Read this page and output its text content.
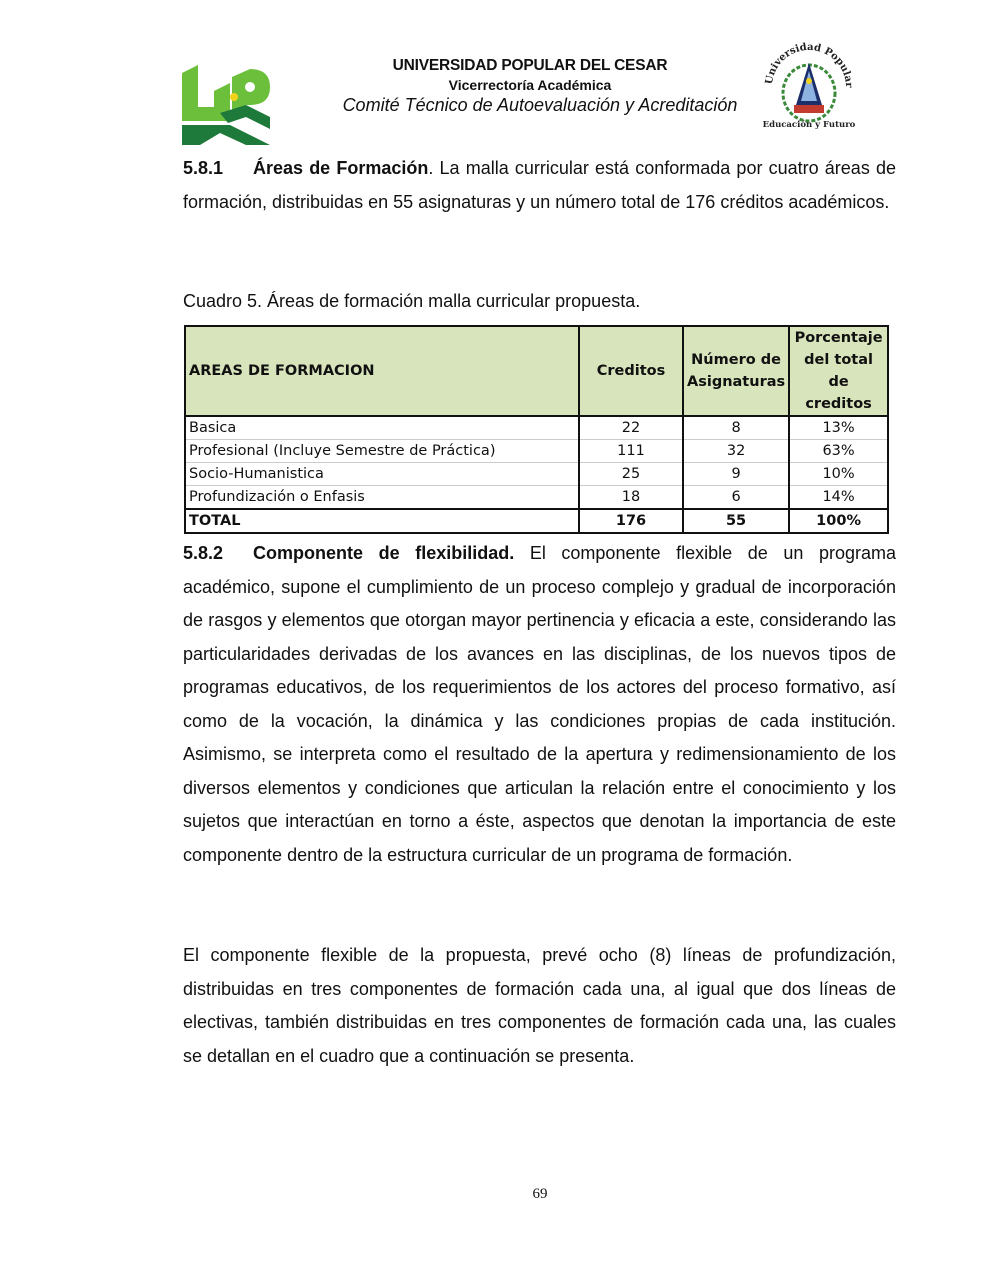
UNIVERSIDAD POPULAR DEL CESAR
Vicerrectoría Académica
Comité Técnico de Autoevaluación y Acreditación
Universidad Popular
Educación y Futuro
5.8.1 Áreas de Formación. La malla curricular está conformada por cuatro áreas de formación, distribuidas en 55 asignaturas y un número total de 176 créditos académicos.
Cuadro 5. Áreas de formación malla curricular propuesta.
AREAS DE FORMACION	Creditos	Número de Asignaturas	Porcentaje del total de creditos
Basica	22	8	13%
Profesional (Incluye Semestre de Práctica)	111	32	63%
Socio-Humanistica	25	9	10%
Profundización o Enfasis	18	6	14%
TOTAL	176	55	100%
5.8.2 Componente de flexibilidad. El componente flexible de un programa académico, supone el cumplimiento de un proceso complejo y gradual de incorporación de rasgos y elementos que otorgan mayor pertinencia y eficacia a este, considerando las particularidades derivadas de los avances en las disciplinas, de los nuevos tipos de programas educativos, de los requerimientos de los actores del proceso formativo, así como de la vocación, la dinámica y las condiciones propias de cada institución. Asimismo, se interpreta como el resultado de la apertura y redimensionamiento de los diversos elementos y condiciones que articulan la relación entre el conocimiento y los sujetos que interactúan en torno a éste, aspectos que denotan la importancia de este componente dentro de la estructura curricular de un programa de formación.
El componente flexible de la propuesta, prevé ocho (8) líneas de profundización, distribuidas en tres componentes de formación cada una, al igual que dos líneas de electivas, también distribuidas en tres componentes de formación cada una, las cuales se detallan en el cuadro que a continuación se presenta.
69
